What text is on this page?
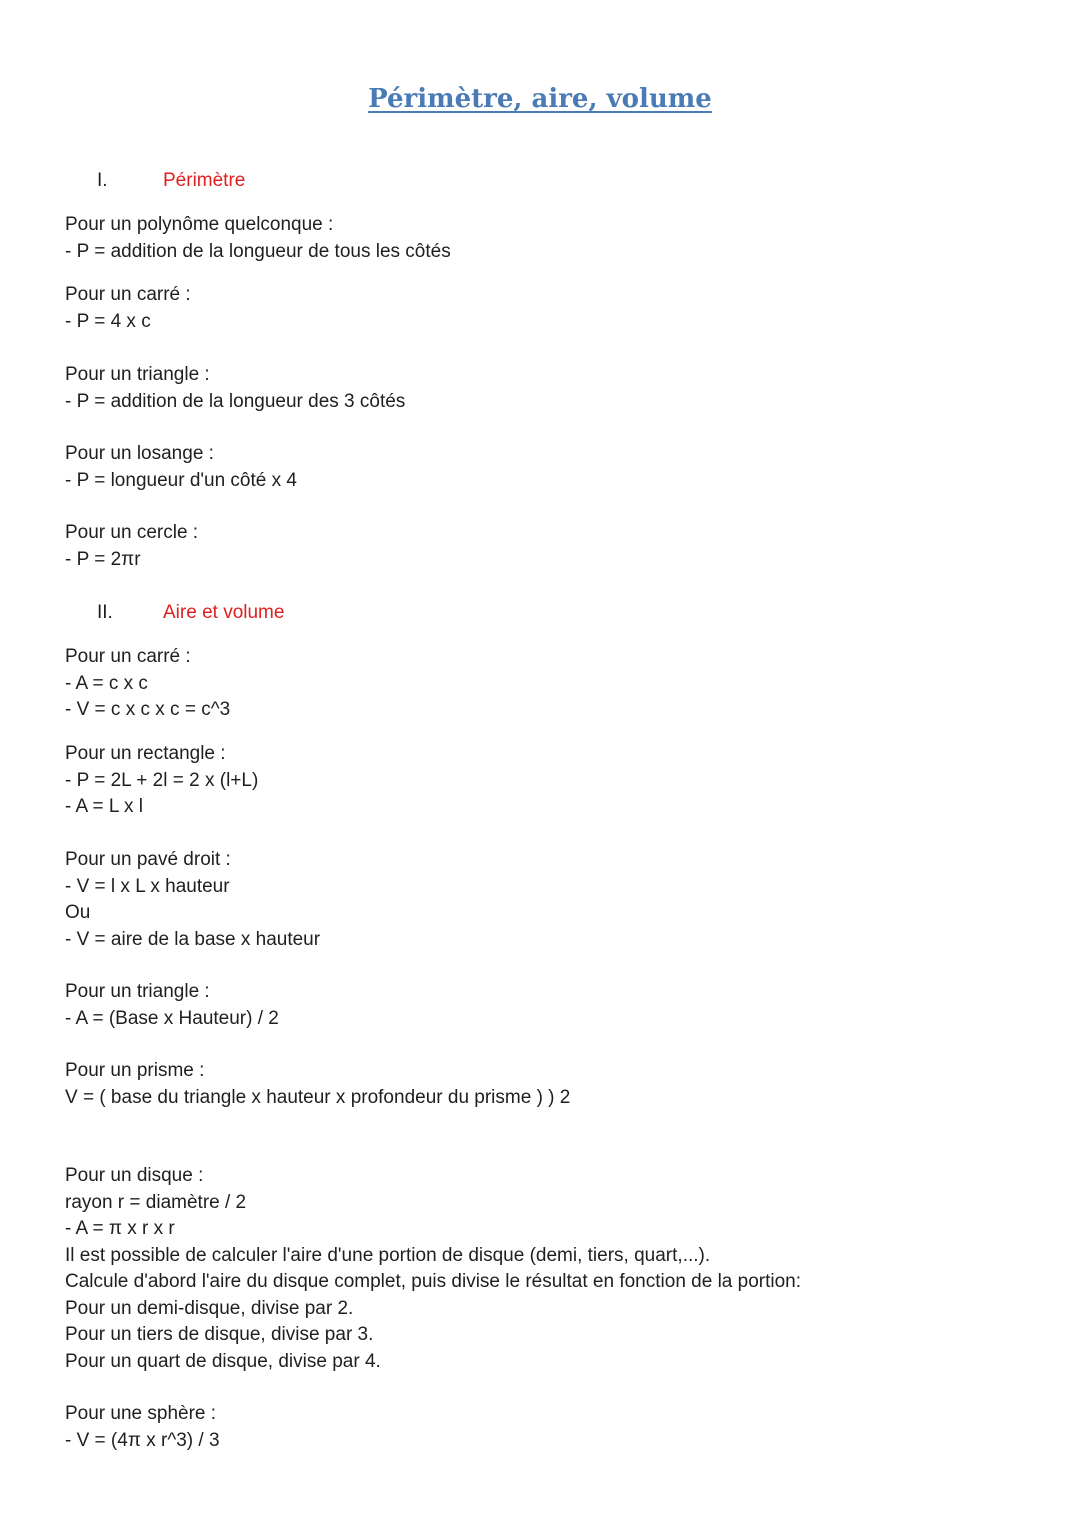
Périmètre, aire, volume
I.	Périmètre
Pour un polynôme quelconque :
- P = addition de la longueur de tous les côtés
Pour un carré :
- P = 4 x c
Pour un triangle :
- P = addition de la longueur des 3 côtés
Pour un losange :
- P = longueur d'un côté x 4
Pour un cercle :
- P = 2πr
II.	Aire et volume
Pour un carré :
- A = c x c
- V = c x c x c = c^3
Pour un rectangle :
- P = 2L + 2l = 2 x (l+L)
- A = L x l
Pour un pavé droit :
- V = l x L x hauteur
Ou
- V = aire de la base x hauteur
Pour un triangle :
- A = (Base x Hauteur) / 2
Pour un prisme :
V = ( base du triangle x hauteur x profondeur du prisme ) ) 2
Pour un disque :
rayon r = diamètre / 2
- A = π x r x r
Il est possible de calculer l'aire d'une portion de disque (demi, tiers, quart,...).
Calcule d'abord l'aire du disque complet, puis divise le résultat en fonction de la portion:
Pour un demi-disque, divise par 2.
Pour un tiers de disque, divise par 3.
Pour un quart de disque, divise par 4.
Pour une sphère :
- V = (4π x r^3) / 3
